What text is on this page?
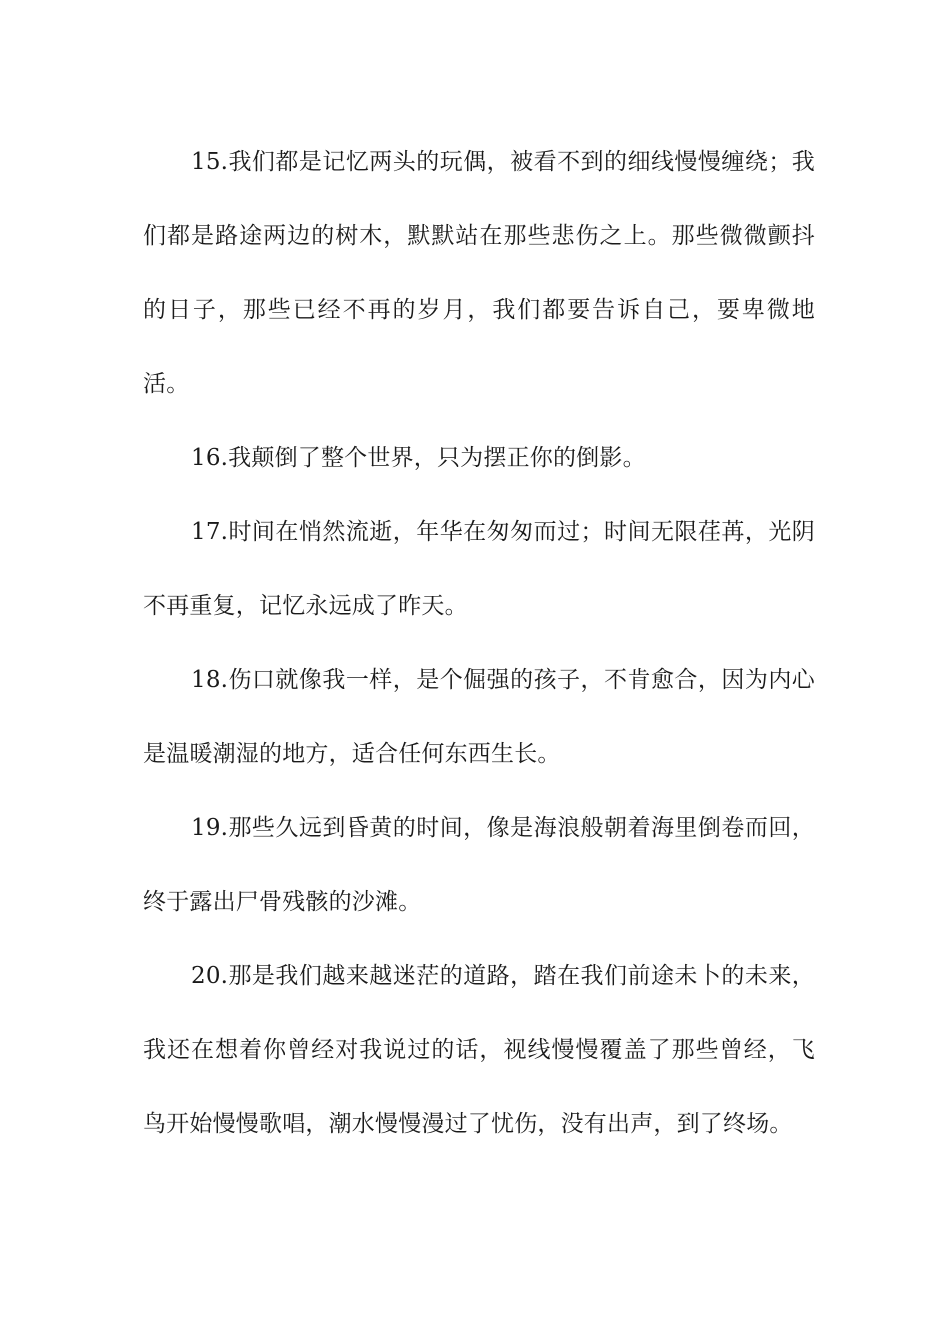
15.我们都是记忆两头的玩偶，被看不到的细线慢慢缠绕；我们都是路途两边的树木，默默站在那些悲伤之上。那些微微颤抖的日子，那些已经不再的岁月，我们都要告诉自己，要卑微地活。

16.我颠倒了整个世界，只为摆正你的倒影。

17.时间在悄然流逝，年华在匆匆而过；时间无限荏苒，光阴不再重复，记忆永远成了昨天。

18.伤口就像我一样，是个倔强的孩子，不肯愈合，因为内心是温暖潮湿的地方，适合任何东西生长。

19.那些久远到昏黄的时间，像是海浪般朝着海里倒卷而回，终于露出尸骨残骸的沙滩。

20.那是我们越来越迷茫的道路，踏在我们前途未卜的未来，我还在想着你曾经对我说过的话，视线慢慢覆盖了那些曾经，飞鸟开始慢慢歌唱，潮水慢慢漫过了忧伤，没有出声，到了终场。
